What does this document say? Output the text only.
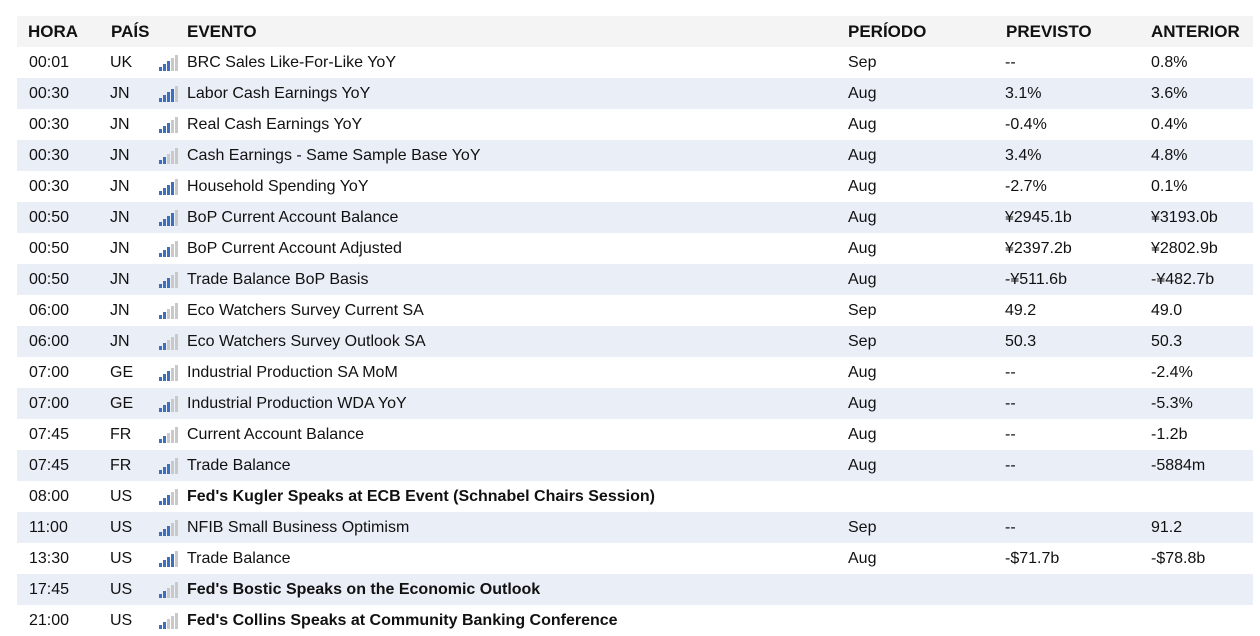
HORA PAÍS EVENTO	PERÍODO	PREVISTO	ANTERIOR
00:01	UK	BRC Sales Like-For-Like YoY	Sep	--	0.8%
00:30	JN	Labor Cash Earnings YoY	Aug	3.1%	3.6%
00:30	JN	Real Cash Earnings YoY	Aug	-0.4%	0.4%
00:30	JN	Cash Earnings - Same Sample Base YoY	Aug	3.4%	4.8%
00:30	JN	Household Spending YoY	Aug	-2.7%	0.1%
00:50	JN	BoP Current Account Balance	Aug	¥2945.1b	¥3193.0b
00:50	JN	BoP Current Account Adjusted	Aug	¥2397.2b	¥2802.9b
00:50	JN	Trade Balance BoP Basis	Aug	-¥511.6b	-¥482.7b
06:00	JN	Eco Watchers Survey Current SA	Sep	49.2	49.0
06:00	JN	Eco Watchers Survey Outlook SA	Sep	50.3	50.3
07:00	GE	Industrial Production SA MoM	Aug	--	-2.4%
07:00	GE	Industrial Production WDA YoY	Aug	--	-5.3%
07:45	FR	Current Account Balance	Aug	--	-1.2b
07:45	FR	Trade Balance	Aug	--	-5884m
08:00	US	Fed's Kugler Speaks at ECB Event (Schnabel Chairs Session)
11:00	US	NFIB Small Business Optimism	Sep	--	91.2
13:30	US	Trade Balance	Aug	-$71.7b	-$78.8b
17:45	US	Fed's Bostic Speaks on the Economic Outlook
21:00	US	Fed's Collins Speaks at Community Banking Conference
